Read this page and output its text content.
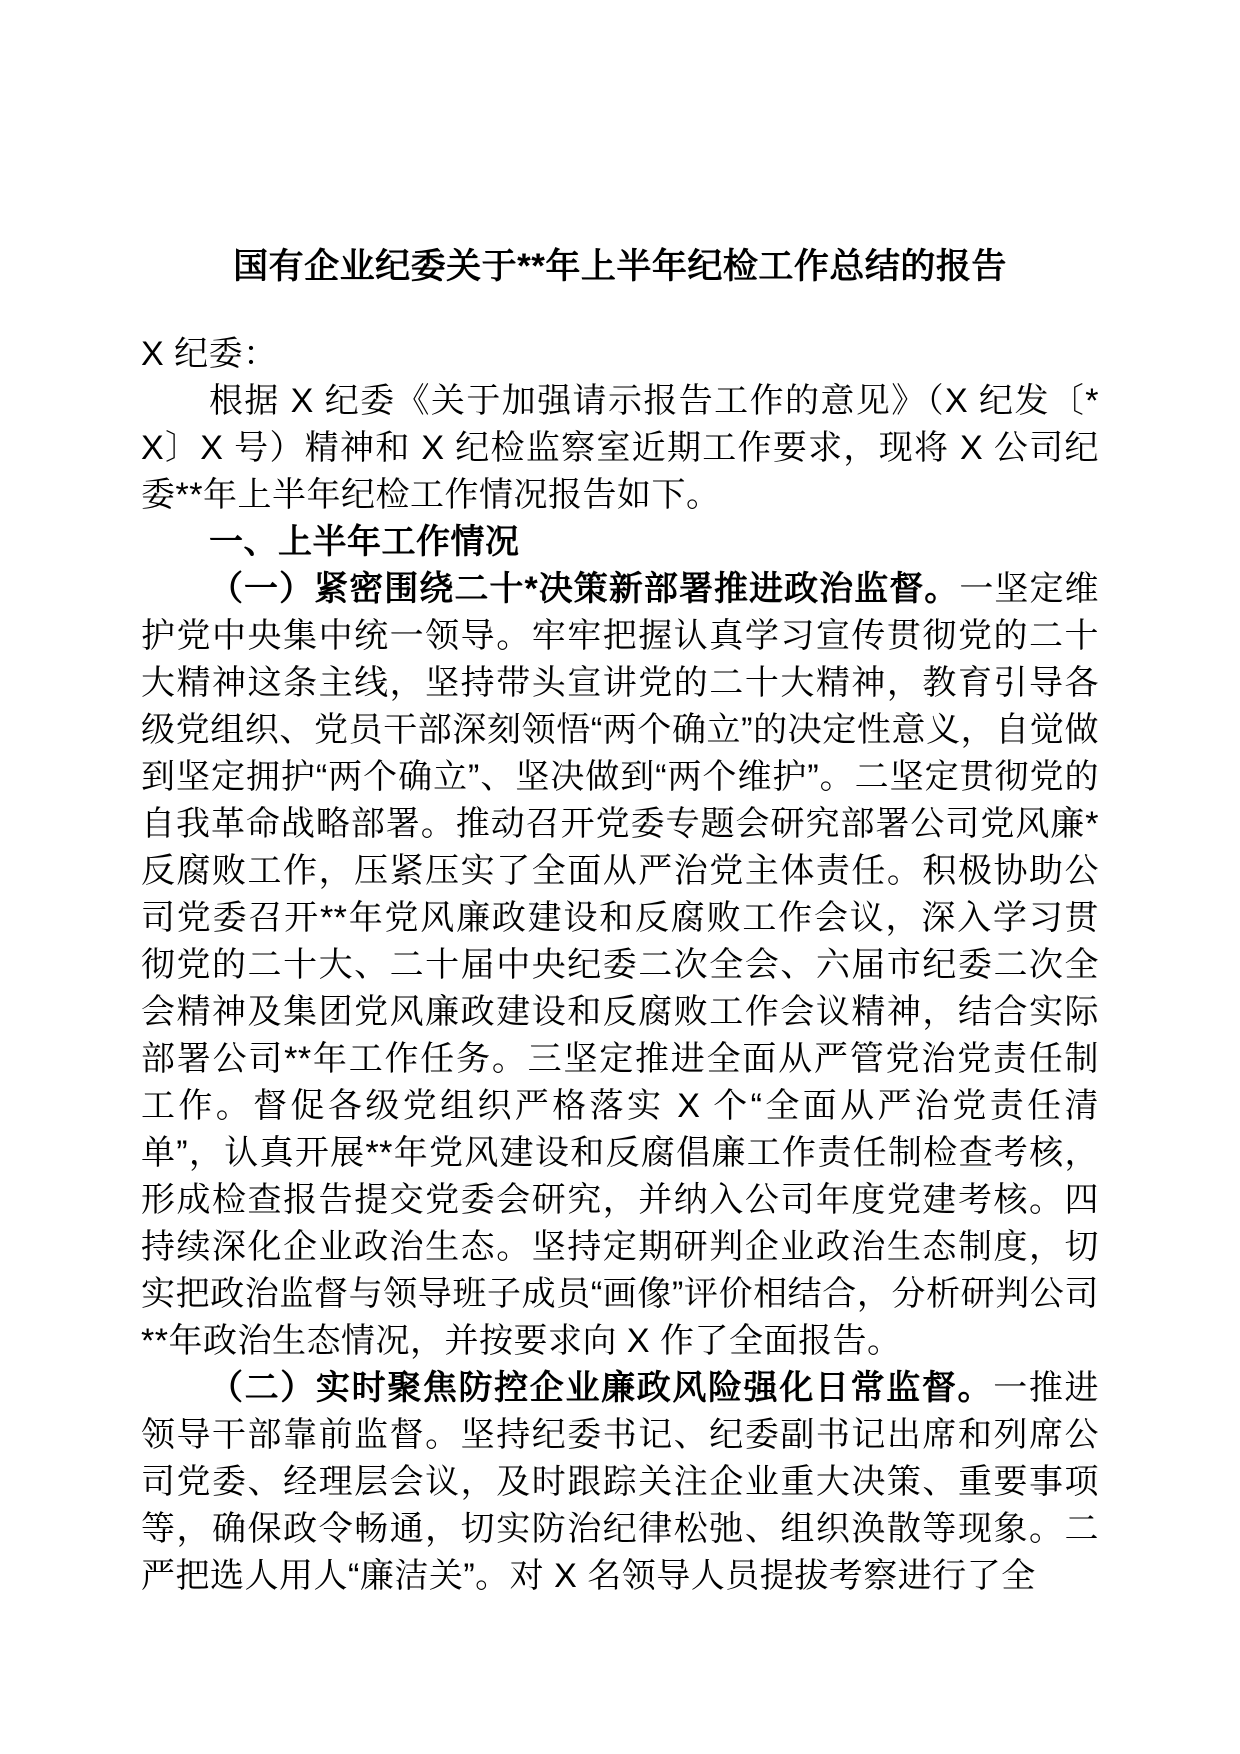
国有企业纪委关于**年上半年纪检工作总结的报告

X 纪委：

根据 X 纪委《关于加强请示报告工作的意见》（X 纪发〔*X〕X 号）精神和 X 纪检监察室近期工作要求，现将 X 公司纪委**年上半年纪检工作情况报告如下。

一、上半年工作情况

（一）紧密围绕二十*决策新部署推进政治监督。一坚定维护党中央集中统一领导。牢牢把握认真学习宣传贯彻党的二十大精神这条主线，坚持带头宣讲党的二十大精神，教育引导各级党组织、党员干部深刻领悟“两个确立”的决定性意义，自觉做到坚定拥护“两个确立”、坚决做到“两个维护”。二坚定贯彻党的自我革命战略部署。推动召开党委专题会研究部署公司党风廉*反腐败工作，压紧压实了全面从严治党主体责任。积极协助公司党委召开**年党风廉政建设和反腐败工作会议，深入学习贯彻党的二十大、二十届中央纪委二次全会、六届市纪委二次全会精神及集团党风廉政建设和反腐败工作会议精神，结合实际部署公司**年工作任务。三坚定推进全面从严管党治党责任制工作。督促各级党组织严格落实 X 个“全面从严治党责任清单”，认真开展**年党风建设和反腐倡廉工作责任制检查考核，形成检查报告提交党委会研究，并纳入公司年度党建考核。四持续深化企业政治生态。坚持定期研判企业政治生态制度，切实把政治监督与领导班子成员“画像”评价相结合，分析研判公司**年政治生态情况，并按要求向 X 作了全面报告。

（二）实时聚焦防控企业廉政风险强化日常监督。一推进领导干部靠前监督。坚持纪委书记、纪委副书记出席和列席公司党委、经理层会议，及时跟踪关注企业重大决策、重要事项等，确保政令畅通，切实防治纪律松弛、组织涣散等现象。二严把选人用人“廉洁关”。对 X 名领导人员提拔考察进行了全
